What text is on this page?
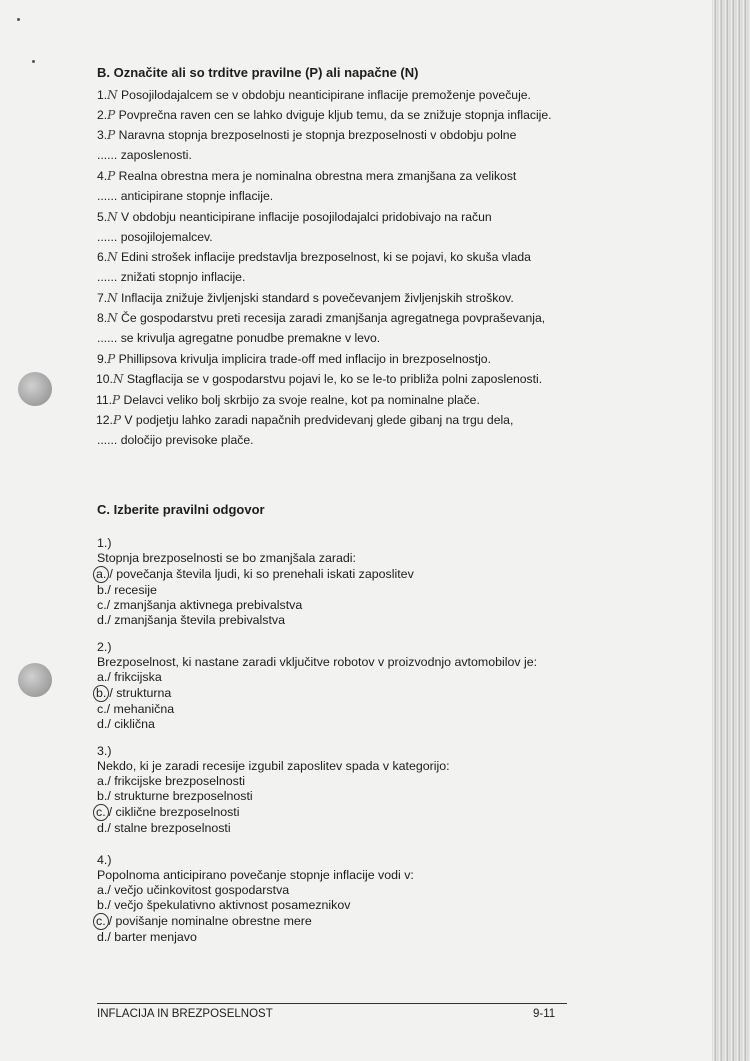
B. Označite ali so trditve pravilne (P) ali napačne (N)
1.N Posojilodajalcem se v obdobju neanticipirane inflacije premoženje povečuje.
2.P Povprečna raven cen se lahko dviguje kljub temu, da se znižuje stopnja inflacije.
3.P Naravna stopnja brezposelnosti je stopnja brezposelnosti v obdobju polne
...... zaposlenosti.
4.P Realna obrestna mera je nominalna obrestna mera zmanjšana za velikost
...... anticipirane stopnje inflacije.
5.N V obdobju neanticipirane inflacije posojilodajalci pridobivajo na račun
...... posojilojemalcev.
6.N Edini strošek inflacije predstavlja brezposelnost, ki se pojavi, ko skuša vlada
...... znižati stopnjo inflacije.
7.N Inflacija znižuje življenjski standard s povečevanjem življenjskih stroškov.
8.N Če gospodarstvu preti recesija zaradi zmanjšanja agregatnega povpraševanja,
...... se krivulja agregatne ponudbe premakne v levo.
9.P Phillipsova krivulja implicira trade-off med inflacijo in brezposelnostjo.
10.N Stagflacija se v gospodarstvu pojavi le, ko se le-to približa polni zaposlenosti.
11.P Delavci veliko bolj skrbijo za svoje realne, kot pa nominalne plače.
12.P V podjetju lahko zaradi napačnih predvidevanj glede gibanj na trgu dela,
...... določijo previsoke plače.
C. Izberite pravilni odgovor
1.)
Stopnja brezposelnosti se bo zmanjšala zaradi:
a. / povečanja števila ljudi, ki so prenehali iskati zaposlitev
b./ recesije
c./ zmanjšanja aktivnega prebivalstva
d./ zmanjšanja števila prebivalstva
2.)
Brezposelnost, ki nastane zaradi vključitve robotov v proizvodnjo avtomobilov je:
a./ frikcijska
b. / strukturna
c./ mehanična
d./ ciklična
3.)
Nekdo, ki je zaradi recesije izgubil zaposlitev spada v kategorijo:
a./ frikcijske brezposelnosti
b./ strukturne brezposelnosti
c. / ciklične brezposelnosti
d./ stalne brezposelnosti
4.)
Popolnoma anticipirano povečanje stopnje inflacije vodi v:
a./ večjo učinkovitost gospodarstva
b./ večjo špekulativno aktivnost posameznikov
c. / povišanje nominalne obrestne mere
d./ barter menjavo
INFLACIJA IN BREZPOSELNOST	9-11
